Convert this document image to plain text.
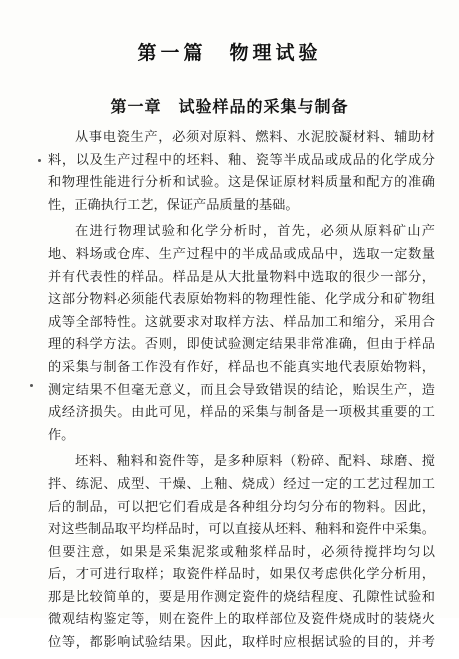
第一篇　物理试验
第一章　试验样品的采集与制备
从事电瓷生产，必须对原料、燃料、水泥胶凝材料、辅助材
料，以及生产过程中的坯料、釉、瓷等半成品或成品的化学成分
和物理性能进行分析和试验。这是保证原材料质量和配方的准确
性，正确执行工艺，保证产品质量的基础。
在进行物理试验和化学分析时，首先，必须从原料矿山产
地、料场或仓库、生产过程中的半成品或成品中，选取一定数量
并有代表性的样品。样品是从大批量物料中选取的很少一部分，
这部分物料必须能代表原始物料的物理性能、化学成分和矿物组
成等全部特性。这就要求对取样方法、样品加工和缩分，采用合
理的科学方法。否则，即使试验测定结果非常准确，但由于样品
的采集与制备工作没有作好，样品也不能真实地代表原始物料，
测定结果不但毫无意义，而且会导致错误的结论，贻误生产，造
成经济损失。由此可见，样品的采集与制备是一项极其重要的工
作。
坯料、釉料和瓷件等，是多种原料（粉碎、配料、球磨、搅
拌、练泥、成型、干燥、上釉、烧成）经过一定的工艺过程加工
后的制品，可以把它们看成是各种组分均匀分布的物料。因此，
对这些制品取平均样品时，可以直接从坯料、釉料和瓷件中采集。
但要注意，如果是采集泥浆或釉浆样品时，必须待搅拌均匀以
后，才可进行取样；取瓷件样品时，如果仅考虑供化学分析用，
那是比较简单的，要是用作测定瓷件的烧结程度、孔隙性试验和
微观结构鉴定等，则在瓷件上的取样部位及瓷件烧成时的装烧火
位等，都影响试验结果。因此，取样时应根据试验的目的，并考
